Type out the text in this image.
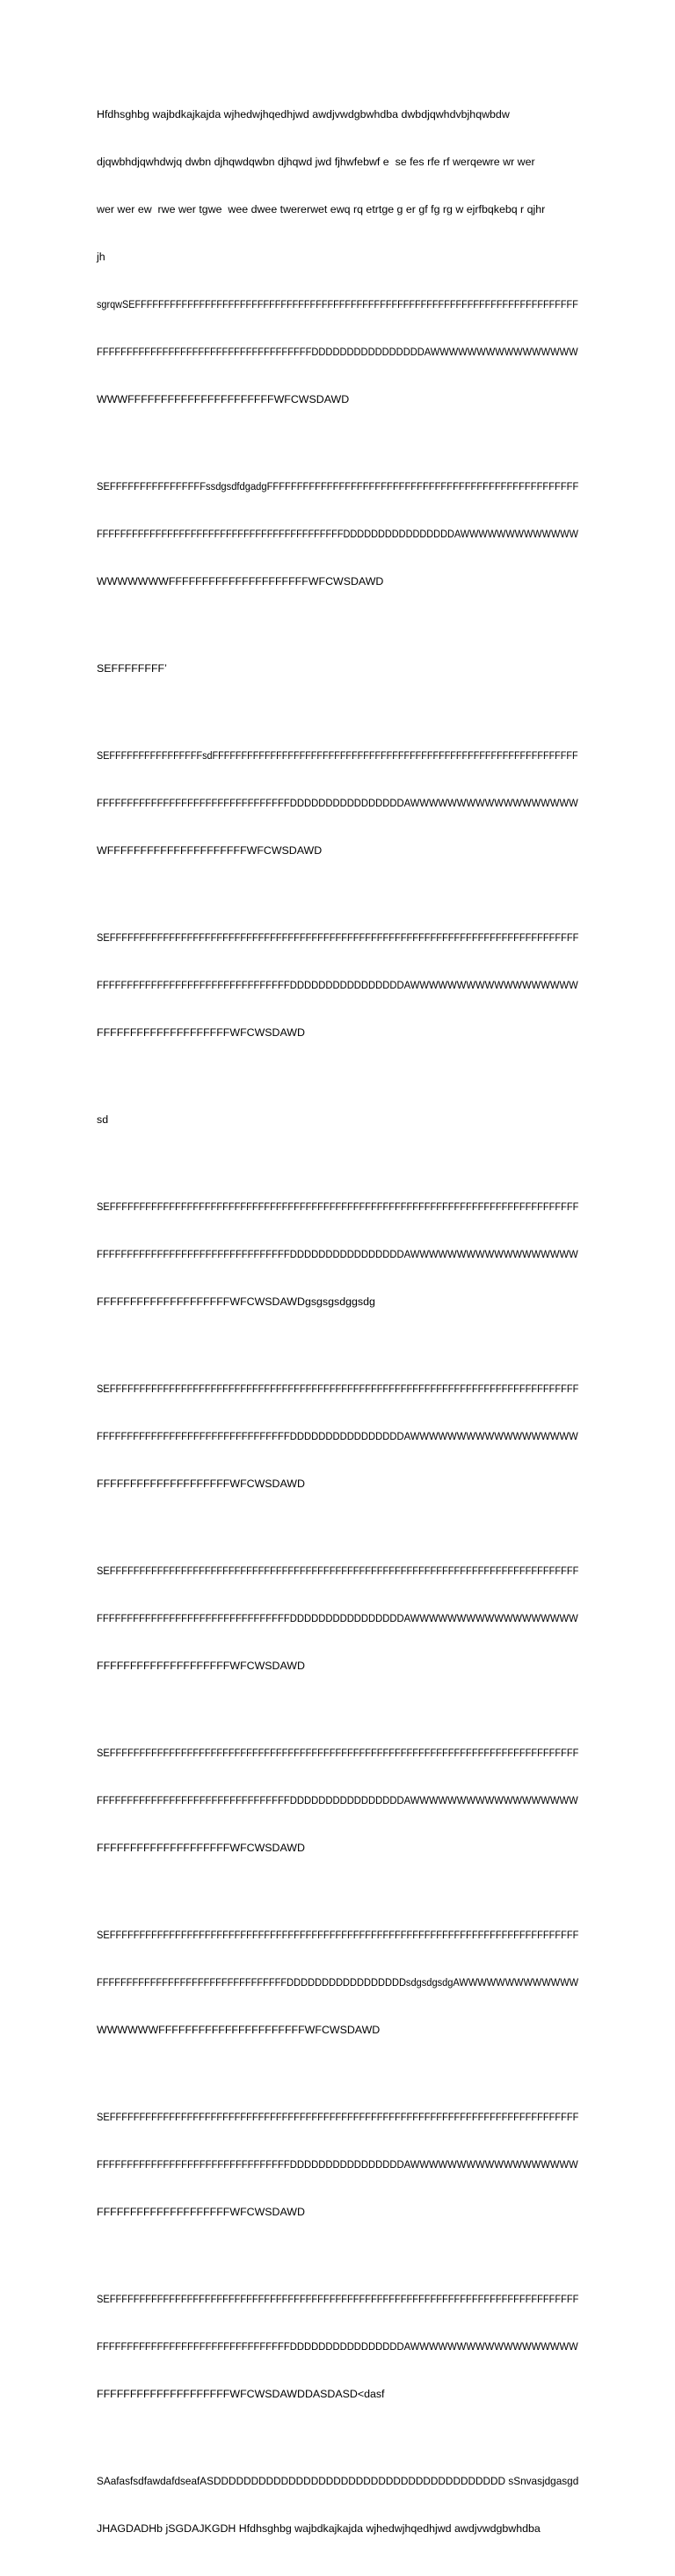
Hfdhsghbg wajbdkajkajda wjhedwjhqedhjwd awdjvwdgbwhdba dwbdjqwhdvbjhqwbdw

djqwbhdjqwhdwjq dwbn djhqwdqwbn djhqwd jwd fjhwfebwf e  se fes rfe rf werqewre wr wer

wer wer ew  rwe wer tgwe  wee dwee twererwet ewq rq etrtge g er gf fg rg w ejrfbqkebq r qjhr

jh

sgrqwSEFFFFFFFFFFFFFFFFFFFFFFFFFFFFFFFFFFFFFFFFFFFFFFFFFFFFFFFFFFFFFFFFFFFFFFFFFFFF

FFFFFFFFFFFFFFFFFFFFFFFFFFFFFFFFFFFFDDDDDDDDDDDDDDDDAWWWWWWWWWWWWWWWW

WWWFFFFFFFFFFFFFFFFFFFFFFWFCWSDAWD

SEFFFFFFFFFFFFFFFFssdgsdfdgadgFFFFFFFFFFFFFFFFFFFFFFFFFFFFFFFFFFFFFFFFFFFFFFFFFFFF

FFFFFFFFFFFFFFFFFFFFFFFFFFFFFFFFFFFFFFFFFFDDDDDDDDDDDDDDDDAWWWWWWWWWWWWW

WWWWWWWFFFFFFFFFFFFFFFFFFFFFWFCWSDAWD

SEFFFFFFFF’

SEFFFFFFFFFFFFFFFFsdFFFFFFFFFFFFFFFFFFFFFFFFFFFFFFFFFFFFFFFFFFFFFFFFFFFFFFFFFFFFFFF

FFFFFFFFFFFFFFFFFFFFFFFFFFFFFFFFDDDDDDDDDDDDDDDDAWWWWWWWWWWWWWWWWWW

WFFFFFFFFFFFFFFFFFFFFFWFCWSDAWD

SEFFFFFFFFFFFFFFFFFFFFFFFFFFFFFFFFFFFFFFFFFFFFFFFFFFFFFFFFFFFFFFFFFFFFFFFFFFFFFFF

FFFFFFFFFFFFFFFFFFFFFFFFFFFFFFFFDDDDDDDDDDDDDDDDAWWWWWWWWWWWWWWWWWW

FFFFFFFFFFFFFFFFFFFFWFCWSDAWD

sd

SEFFFFFFFFFFFFFFFFFFFFFFFFFFFFFFFFFFFFFFFFFFFFFFFFFFFFFFFFFFFFFFFFFFFFFFFFFFFFFFF

FFFFFFFFFFFFFFFFFFFFFFFFFFFFFFFFDDDDDDDDDDDDDDDDAWWWWWWWWWWWWWWWWWW

FFFFFFFFFFFFFFFFFFFFWFCWSDAWDgsgsgsdggsdg

SEFFFFFFFFFFFFFFFFFFFFFFFFFFFFFFFFFFFFFFFFFFFFFFFFFFFFFFFFFFFFFFFFFFFFFFFFFFFFFFF

FFFFFFFFFFFFFFFFFFFFFFFFFFFFFFFFDDDDDDDDDDDDDDDDAWWWWWWWWWWWWWWWWWW

FFFFFFFFFFFFFFFFFFFFWFCWSDAWD

SEFFFFFFFFFFFFFFFFFFFFFFFFFFFFFFFFFFFFFFFFFFFFFFFFFFFFFFFFFFFFFFFFFFFFFFFFFFFFFFF

FFFFFFFFFFFFFFFFFFFFFFFFFFFFFFFFDDDDDDDDDDDDDDDDAWWWWWWWWWWWWWWWWWW

FFFFFFFFFFFFFFFFFFFFWFCWSDAWD

SEFFFFFFFFFFFFFFFFFFFFFFFFFFFFFFFFFFFFFFFFFFFFFFFFFFFFFFFFFFFFFFFFFFFFFFFFFFFFFFF

FFFFFFFFFFFFFFFFFFFFFFFFFFFFFFFFDDDDDDDDDDDDDDDDAWWWWWWWWWWWWWWWWWW

FFFFFFFFFFFFFFFFFFFFWFCWSDAWD

SEFFFFFFFFFFFFFFFFFFFFFFFFFFFFFFFFFFFFFFFFFFFFFFFFFFFFFFFFFFFFFFFFFFFFFFFFFFFFFFF

FFFFFFFFFFFFFFFFFFFFFFFFFFFFFFFFDDDDDDDDDDDDDDDDDsdgsdgsdgAWWWWWWWWWWWWW

WWWWWWFFFFFFFFFFFFFFFFFFFFFFWFCWSDAWD

SEFFFFFFFFFFFFFFFFFFFFFFFFFFFFFFFFFFFFFFFFFFFFFFFFFFFFFFFFFFFFFFFFFFFFFFFFFFFFFFF

FFFFFFFFFFFFFFFFFFFFFFFFFFFFFFFFDDDDDDDDDDDDDDDDAWWWWWWWWWWWWWWWWWW

FFFFFFFFFFFFFFFFFFFFWFCWSDAWD

SEFFFFFFFFFFFFFFFFFFFFFFFFFFFFFFFFFFFFFFFFFFFFFFFFFFFFFFFFFFFFFFFFFFFFFFFFFFFFFFF

FFFFFFFFFFFFFFFFFFFFFFFFFFFFFFFFDDDDDDDDDDDDDDDDAWWWWWWWWWWWWWWWWWW

FFFFFFFFFFFFFFFFFFFFWFCWSDAWDDASDASD<dasf

SAafasfsdfawdafdseafASDDDDDDDDDDDDDDDDDDDDDDDDDDDDDDDDDDDDDDD sSnvasjdgasgd

JHAGDADHb jSGDAJKGDH Hfdhsghbg wajbdkajkajda wjhedwjhqedhjwd awdjvwdgbwhdba
